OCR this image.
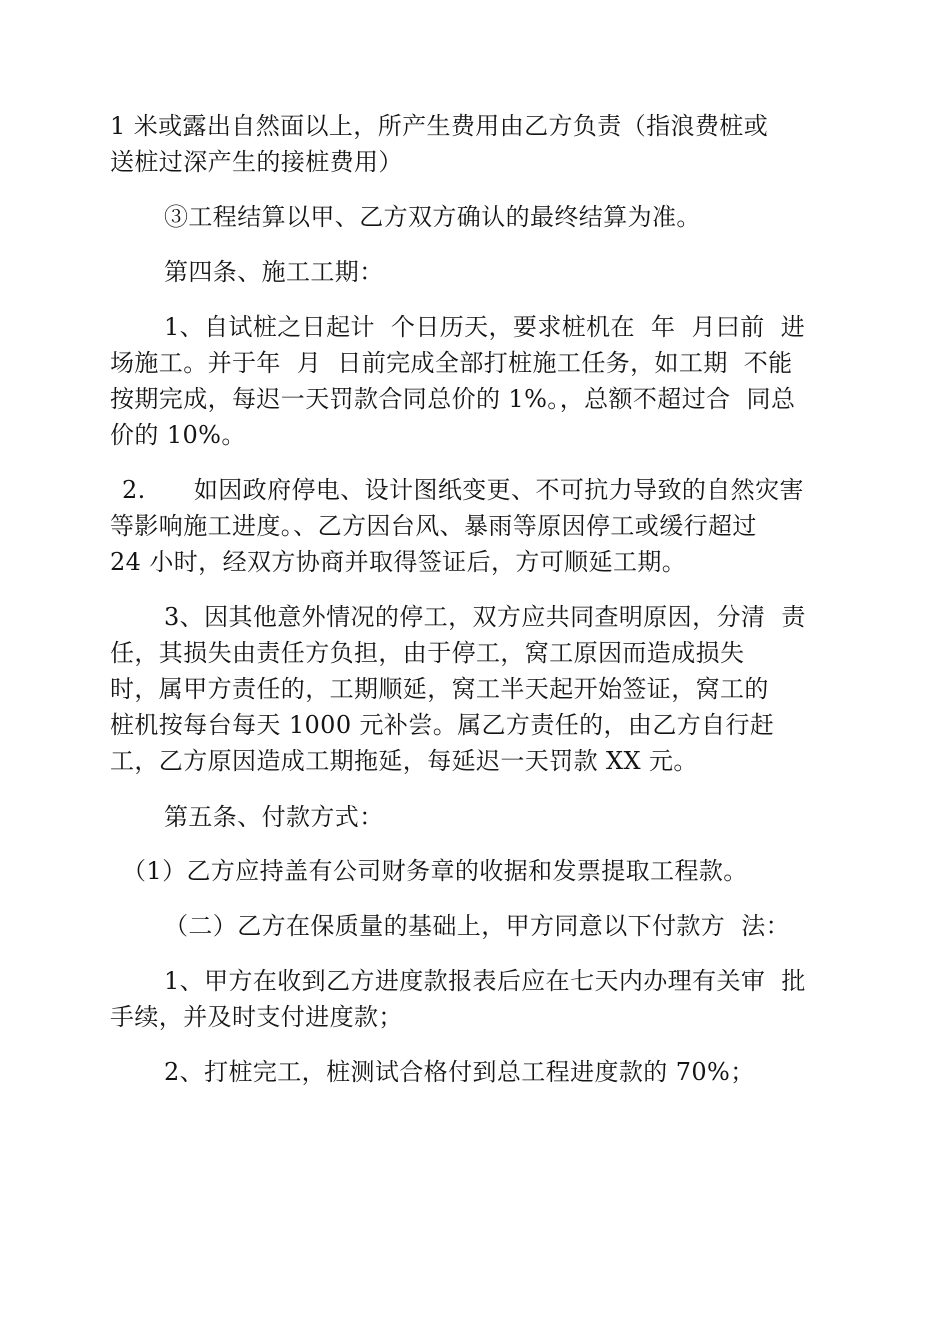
1 米或露出自然面以上，所产生费用由乙方负责（指浪费桩或
送桩过深产生的接桩费用）
③工程结算以甲、乙方双方确认的最终结算为准。
第四条、施工工期：
1、自试桩之日起计  个日历天，要求桩机在  年  月曰前  进
场施工。并于年  月  日前完成全部打桩施工任务，如工期  不能
按期完成，每迟一天罚款合同总价的 1%。，总额不超过合  同总
价的 10%。
2.      如因政府停电、设计图纸变更、不可抗力导致的自然灾害
等影响施工进度。、乙方因台风、暴雨等原因停工或缓行超过
24 小时，经双方协商并取得签证后，方可顺延工期。
3、因其他意外情况的停工，双方应共同查明原因，分清  责
任，其损失由责任方负担，由于停工，窝工原因而造成损失
时，属甲方责任的，工期顺延，窝工半天起开始签证，窝工的
桩机按每台每天 1000 元补尝。属乙方责任的，由乙方自行赶
工，乙方原因造成工期拖延，每延迟一天罚款 XX 元。
第五条、付款方式：
（1）乙方应持盖有公司财务章的收据和发票提取工程款。
（二）乙方在保质量的基础上，甲方同意以下付款方  法：
1、甲方在收到乙方进度款报表后应在七天内办理有关审  批
手续，并及时支付进度款；
2、打桩完工，桩测试合格付到总工程进度款的 70%；
